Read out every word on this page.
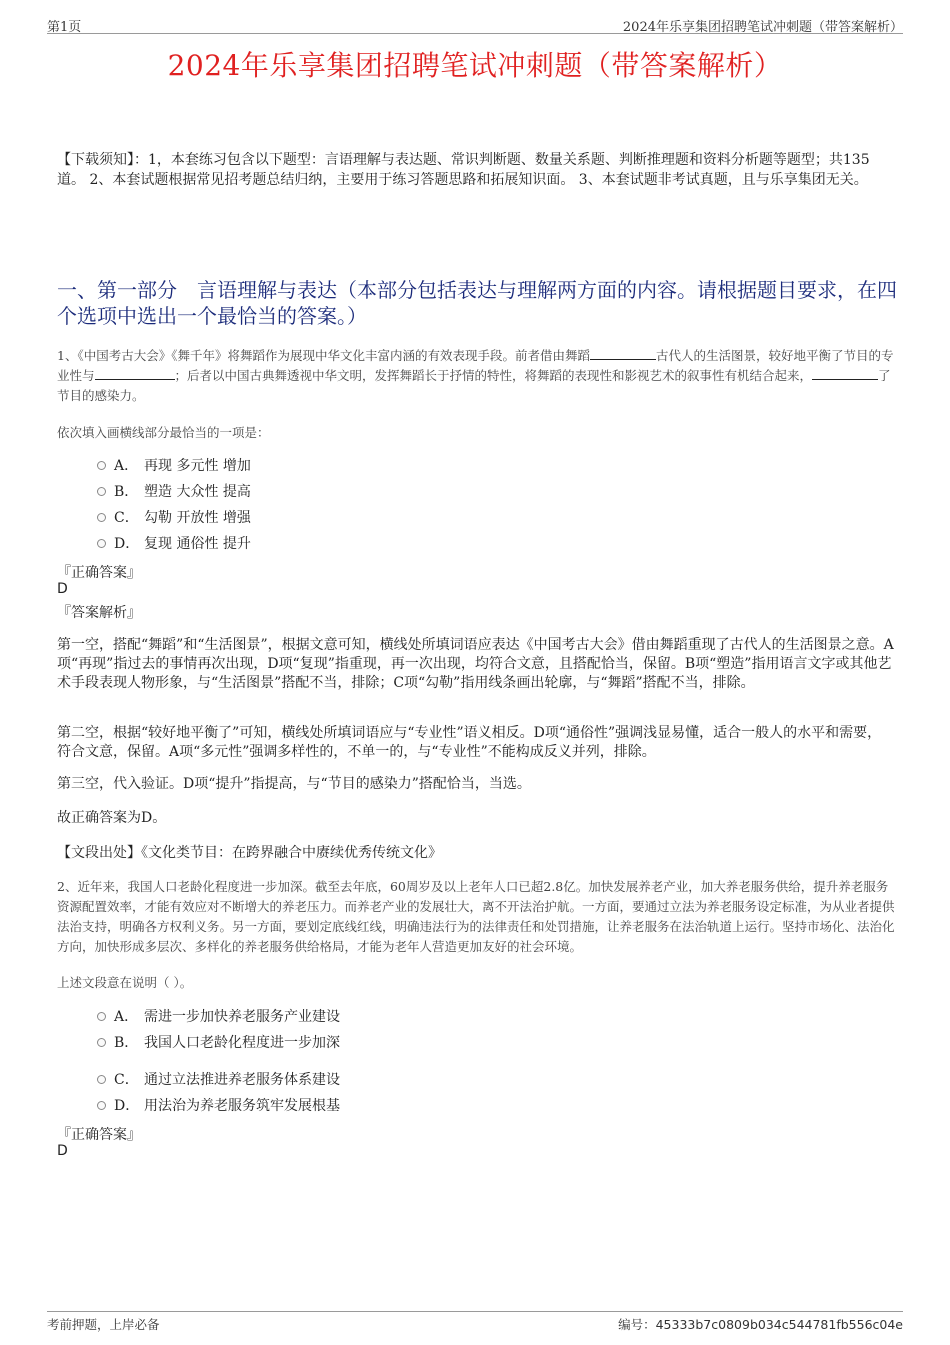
第1页	2024年乐享集团招聘笔试冲刺题（带答案解析）
2024年乐享集团招聘笔试冲刺题（带答案解析）
【下载须知】：1，本套练习包含以下题型：言语理解与表达题、常识判断题、数量关系题、判断推理题和资料分析题等题型；共135道。 2、本套试题根据常见招考题总结归纳，主要用于练习答题思路和拓展知识面。 3、本套试题非考试真题，且与乐享集团无关。
一、第一部分　言语理解与表达（本部分包括表达与理解两方面的内容。请根据题目要求，在四个选项中选出一个最恰当的答案。）
1、《中国考古大会》《舞千年》将舞蹈作为展现中华文化丰富内涵的有效表现手段。前者借由舞蹈	古代人的生活图景，较好地平衡了节目的专业性与	；后者以中国古典舞透视中华文明，发挥舞蹈长于抒情的特性，将舞蹈的表现性和影视艺术的叙事性有机结合起来，	了节目的感染力。
依次填入画横线部分最恰当的一项是：
A． 再现 多元性 增加
B． 塑造 大众性 提高
C． 勾勒 开放性 增强
D． 复现 通俗性 提升
『正确答案』
D
『答案解析』
第一空，搭配“舞蹈”和“生活图景”，根据文意可知，横线处所填词语应表达《中国考古大会》借由舞蹈重现了古代人的生活图景之意。A项“再现”指过去的事情再次出现，D项“复现”指重现，再一次出现，均符合文意，且搭配恰当，保留。B项“塑造”指用语言文字或其他艺术手段表现人物形象，与“生活图景”搭配不当，排除；C项“勾勒”指用线条画出轮廓，与“舞蹈”搭配不当，排除。
第二空，根据“较好地平衡了”可知，横线处所填词语应与“专业性”语义相反。D项“通俗性”强调浅显易懂，适合一般人的水平和需要，符合文意，保留。A项“多元性”强调多样性的，不单一的，与“专业性”不能构成反义并列，排除。
第三空，代入验证。D项“提升”指提高，与“节目的感染力”搭配恰当，当选。
故正确答案为D。
【文段出处】《文化类节目：在跨界融合中赓续优秀传统文化》
2、近年来，我国人口老龄化程度进一步加深。截至去年底，60周岁及以上老年人口已超2.8亿。加快发展养老产业，加大养老服务供给，提升养老服务资源配置效率，才能有效应对不断增大的养老压力。而养老产业的发展壮大，离不开法治护航。一方面，要通过立法为养老服务设定标准，为从业者提供法治支持，明确各方权利义务。另一方面，要划定底线红线，明确违法行为的法律责任和处罚措施，让养老服务在法治轨道上运行。坚持市场化、法治化方向，加快形成多层次、多样化的养老服务供给格局，才能为老年人营造更加友好的社会环境。
上述文段意在说明（ ）。
A． 需进一步加快养老服务产业建设
B． 我国人口老龄化程度进一步加深
C． 通过立法推进养老服务体系建设
D． 用法治为养老服务筑牢发展根基
『正确答案』
D
考前押题，上岸必备	编号：45333b7c0809b034c544781fb556c04e
